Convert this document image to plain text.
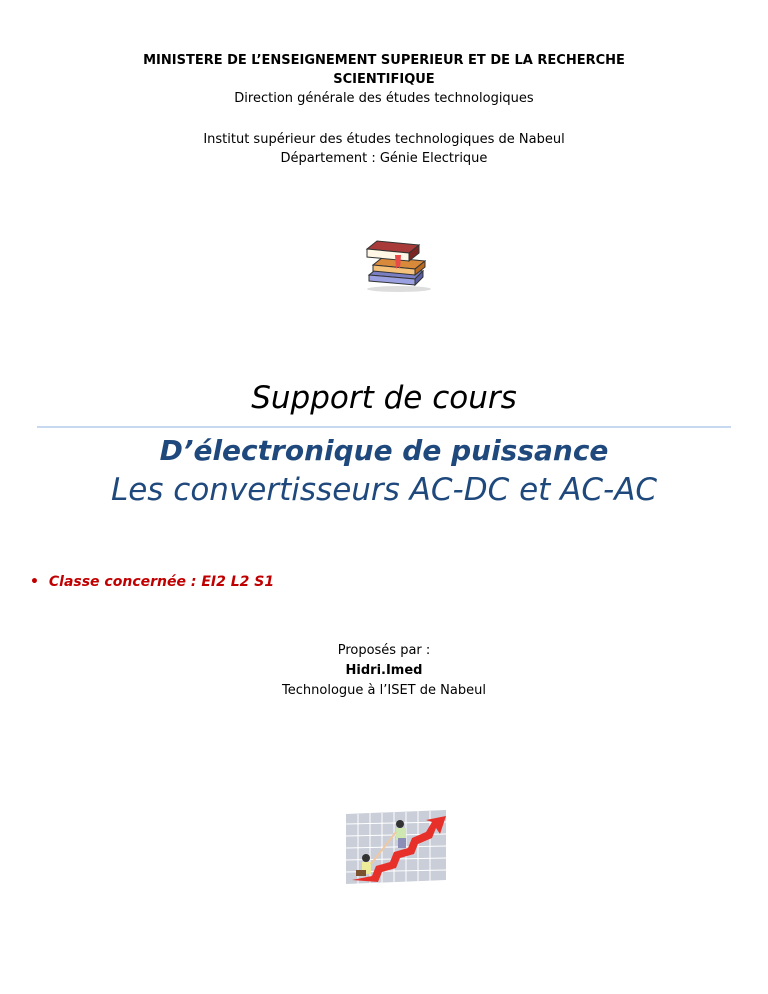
MINISTERE DE L’ENSEIGNEMENT SUPERIEUR ET DE LA RECHERCHE
SCIENTIFIQUE
Direction générale des études technologiques
Institut supérieur des études technologiques de Nabeul
Département : Génie Electrique
Support de cours
D’électronique de puissance
Les convertisseurs AC-DC et AC-AC
• Classe concernée : EI2 L2 S1
Proposés par :
Hidri.Imed
Technologue à l’ISET de Nabeul
